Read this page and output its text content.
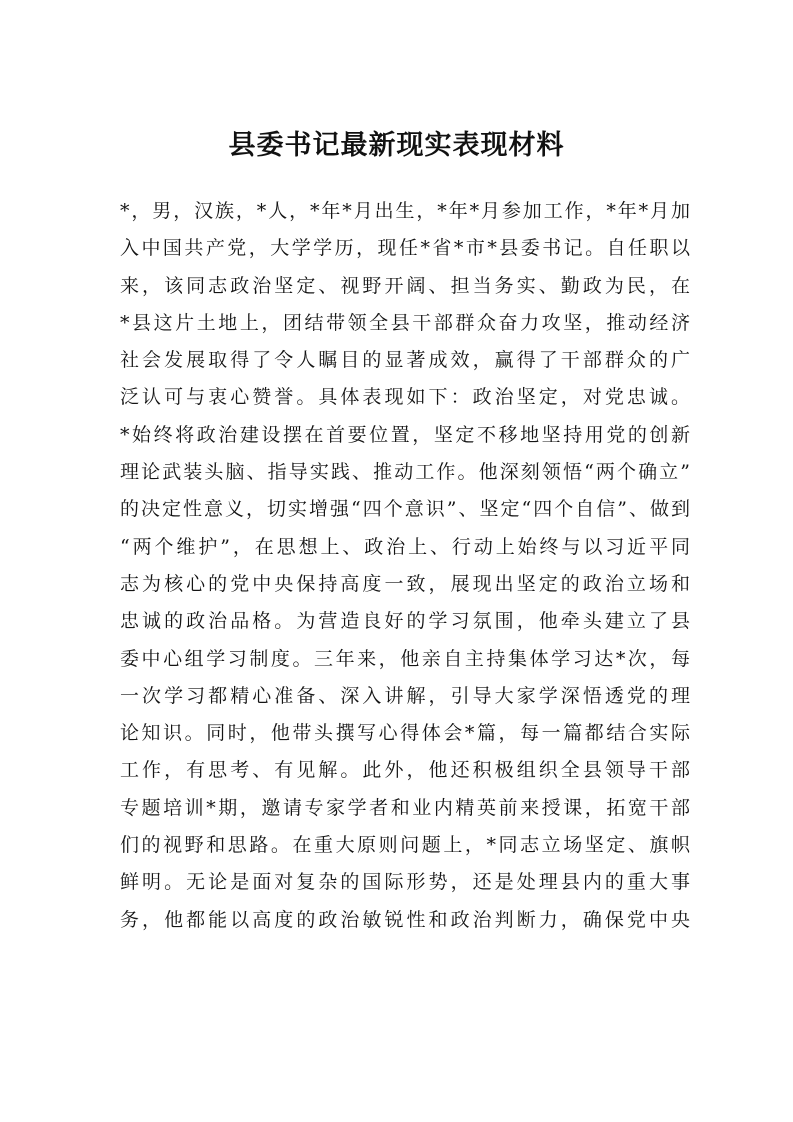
县委书记最新现实表现材料
*，男，汉族，*人，*年*月出生，*年*月参加工作，*年*月加
入中国共产党，大学学历，现任*省*市*县委书记。自任职以
来，该同志政治坚定、视野开阔、担当务实、勤政为民，在
*县这片土地上，团结带领全县干部群众奋力攻坚，推动经济
社会发展取得了令人瞩目的显著成效，赢得了干部群众的广
泛认可与衷心赞誉。具体表现如下：政治坚定，对党忠诚。
*始终将政治建设摆在首要位置，坚定不移地坚持用党的创新
理论武装头脑、指导实践、推动工作。他深刻领悟“两个确立”
的决定性意义，切实增强“四个意识”、坚定“四个自信”、做到
“两个维护”，在思想上、政治上、行动上始终与以习近平同
志为核心的党中央保持高度一致，展现出坚定的政治立场和
忠诚的政治品格。为营造良好的学习氛围，他牵头建立了县
委中心组学习制度。三年来，他亲自主持集体学习达*次，每
一次学习都精心准备、深入讲解，引导大家学深悟透党的理
论知识。同时，他带头撰写心得体会*篇，每一篇都结合实际
工作，有思考、有见解。此外，他还积极组织全县领导干部
专题培训*期，邀请专家学者和业内精英前来授课，拓宽干部
们的视野和思路。在重大原则问题上，*同志立场坚定、旗帜
鲜明。无论是面对复杂的国际形势，还是处理县内的重大事
务，他都能以高度的政治敏锐性和政治判断力，确保党中央
